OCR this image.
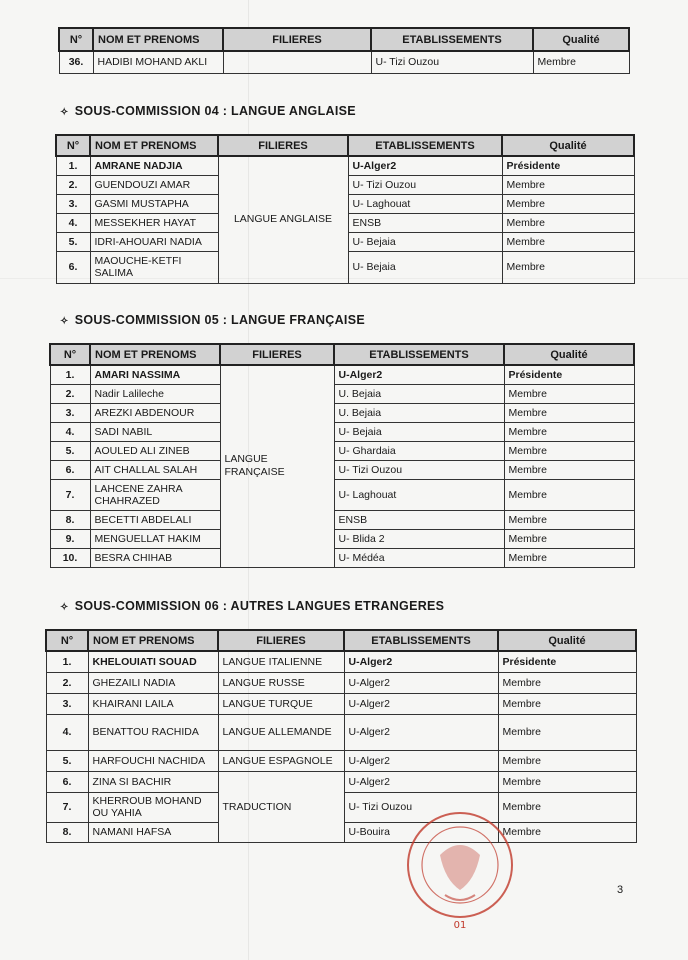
N°	NOM ET PRENOMS	FILIERES	ETABLISSEMENTS	Qualité
36.	HADIBI MOHAND AKLI		U- Tizi Ouzou	Membre
✧ SOUS-COMMISSION 04 : LANGUE ANGLAISE
N°	NOM ET PRENOMS	FILIERES	ETABLISSEMENTS	Qualité
1.	AMRANE NADJIA	LANGUE ANGLAISE	U-Alger2	Présidente
2.	GUENDOUZI AMAR		U- Tizi Ouzou	Membre
3.	GASMI MUSTAPHA		U- Laghouat	Membre
4.	MESSEKHER HAYAT		ENSB	Membre
5.	IDRI-AHOUARI NADIA		U- Bejaia	Membre
6.	MAOUCHE-KETFI SALIMA		U- Bejaia	Membre
✧ SOUS-COMMISSION 05 : LANGUE FRANÇAISE
N°	NOM ET PRENOMS	FILIERES	ETABLISSEMENTS	Qualité
1.	AMARI NASSIMA	LANGUE FRANÇAISE	U-Alger2	Présidente
2.	Nadir Lalileche		U. Bejaia	Membre
3.	AREZKI ABDENOUR		U. Bejaia	Membre
4.	SADI NABIL		U- Bejaia	Membre
5.	AOULED ALI ZINEB		U- Ghardaia	Membre
6.	AIT CHALLAL SALAH		U- Tizi Ouzou	Membre
7.	LAHCENE ZAHRA CHAHRAZED		U- Laghouat	Membre
8.	BECETTI ABDELALI		ENSB	Membre
9.	MENGUELLAT HAKIM		U- Blida 2	Membre
10.	BESRA CHIHAB		U- Médéa	Membre
✧ SOUS-COMMISSION 06 : AUTRES LANGUES ETRANGERES
N°	NOM ET PRENOMS	FILIERES	ETABLISSEMENTS	Qualité
1.	KHELOUIATI SOUAD	LANGUE ITALIENNE	U-Alger2	Présidente
2.	GHEZAILI NADIA	LANGUE RUSSE	U-Alger2	Membre
3.	KHAIRANI LAILA	LANGUE TURQUE	U-Alger2	Membre
4.	BENATTOU RACHIDA	LANGUE ALLEMANDE	U-Alger2	Membre
5.	HARFOUCHI NACHIDA	LANGUE ESPAGNOLE	U-Alger2	Membre
6.	ZINA SI BACHIR	TRADUCTION	U-Alger2	Membre
7.	KHERROUB MOHAND OU YAHIA		U- Tizi Ouzou	Membre
8.	NAMANI HAFSA		U-Bouira	Membre
01
3
